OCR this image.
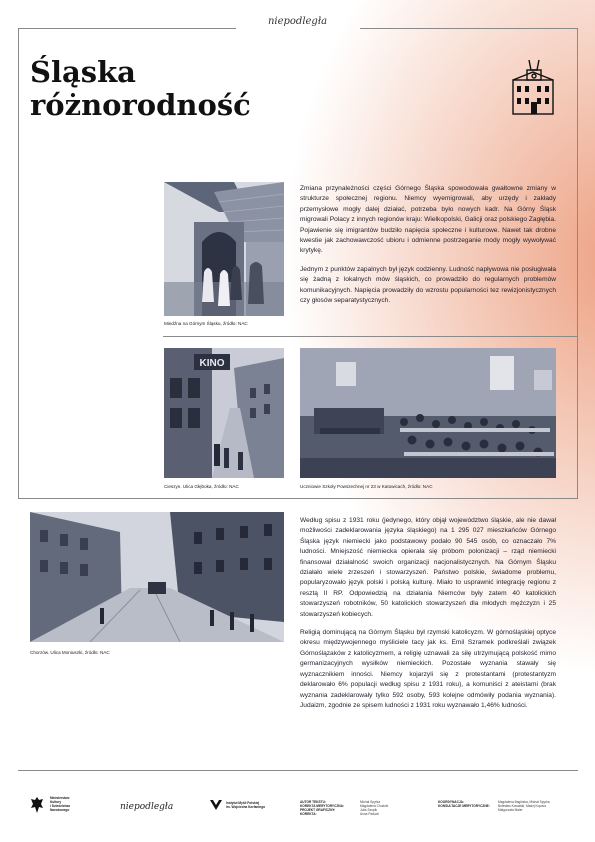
niepodległa
Śląska
różnorodność
Miedźna na Górnym Śląsku, źródło: NAC
KINO
Cieszyn. Ulica Głęboka, źródło: NAC	Uczniowie Szkoły Powszechnej nr 23 w Katowicach, źródło: NAC
Chorzów. Ulica Moniuszki, źródło: NAC

Zmiana przynależności części Górnego Śląska spowodowała gwałtowne zmiany w strukturze społecznej regionu. Niemcy wyemigrowali, aby urzędy i zakłady przemysłowe mogły dalej działać, potrzeba było nowych kadr. Na Górny Śląsk migrowali Polacy z innych regionów kraju: Wielkopolski, Galicji oraz polskiego Zagłębia. Pojawienie się imigrantów budziło napięcia społeczne i kulturowe. Nawet tak drobne kwestie jak zachowawczość ubioru i odmienne postrzeganie mody mogły wywoływać krytykę.

Jednym z punktów zapalnych był język codzienny. Ludność napływowa nie posługiwała się żadną z lokalnych mów śląskich, co prowadziło do regularnych problemów komunikacyjnych. Napięcia prowadziły do wzrostu popularności tez rewizjonistycznych czy głosów separatystycznych.

Według spisu z 1931 roku (jedynego, który objął województwo śląskie, ale nie dawał możliwości zadeklarowania języka śląskiego) na 1 295 027 mieszkańców Górnego Śląska język niemiecki jako podstawowy podało 90 545 osób, co oznaczało 7% ludności. Mniejszość niemiecka opierała się próbom polonizacji – rząd niemiecki finansował działalność swoich organizacji nacjonalistycznych. Na Górnym Śląsku działało wiele zrzeszeń i stowarzyszeń. Państwo polskie, świadome problemu, popularyzowało język polski i polską kulturę. Miało to usprawnić integrację regionu z resztą II RP. Odpowiedzią na działania Niemców były zatem 40 katolickich stowarzyszeń robotników, 50 katolickich stowarzyszeń dla młodych mężczyzn i 25 stowarzyszeń kobiecych.

Religią dominującą na Górnym Śląsku był rzymski katolicyzm. W górnośląskiej optyce okresu międzywojennego myśliciele tacy jak ks. Emil Szramek podkreślali związek Górnoślązaków z katolicyzmem, a religię uznawali za siłę utrzymującą polskość mimo germanizacyjnych wysiłków niemieckich. Pozostałe wyznania stawały się wyznacznikiem inności. Niemcy kojarzyli się z protestantami (protestantyzm deklarowało 6% populacji według spisu z 1931 roku), a komuniści z ateistami (brak wyznania zadeklarowały tylko 592 osoby, 593 kolejne odmówiły podania wyznania). Judaizm, zgodnie ze spisem ludności z 1931 roku wyznawało 1,46% ludności.

Ministerstwo
Kultury
i Dziedzictwa
Narodowego	niepodległa	Instytut Myśli Polskiej
im. Wojciecha Korfantego
AUTOR TEKSTU:
KOREKTA MERYTORYCZNA:
PROJEKT GRAFICZNY:
KOREKTA:
Michał Spyrka
Magdalena Chudzik
Julia Szopik
Anna Paduch
KOORDYNACJA:
KONSULTACJE MERYTORYCZNE:
Magdalena Bagińska, Michał Spyrka
Bolesław Kowalski, Madej Kopacz
Małgorzata Maier
